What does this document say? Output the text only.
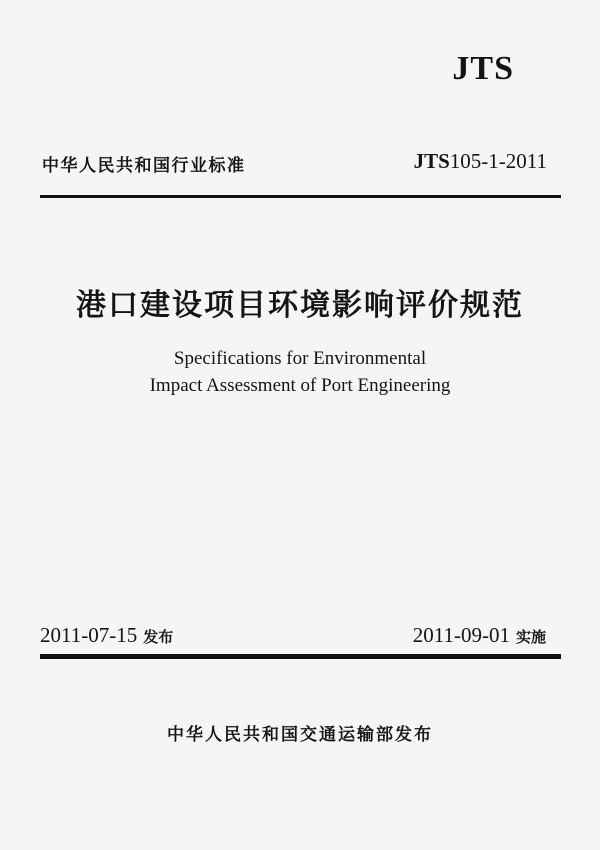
JTS
中华人民共和国行业标准	JTS105-1-2011
港口建设项目环境影响评价规范
Specifications for Environmental
Impact Assessment of Port Engineering
2011-07-15 发布	2011-09-01 实施
中华人民共和国交通运输部发布
